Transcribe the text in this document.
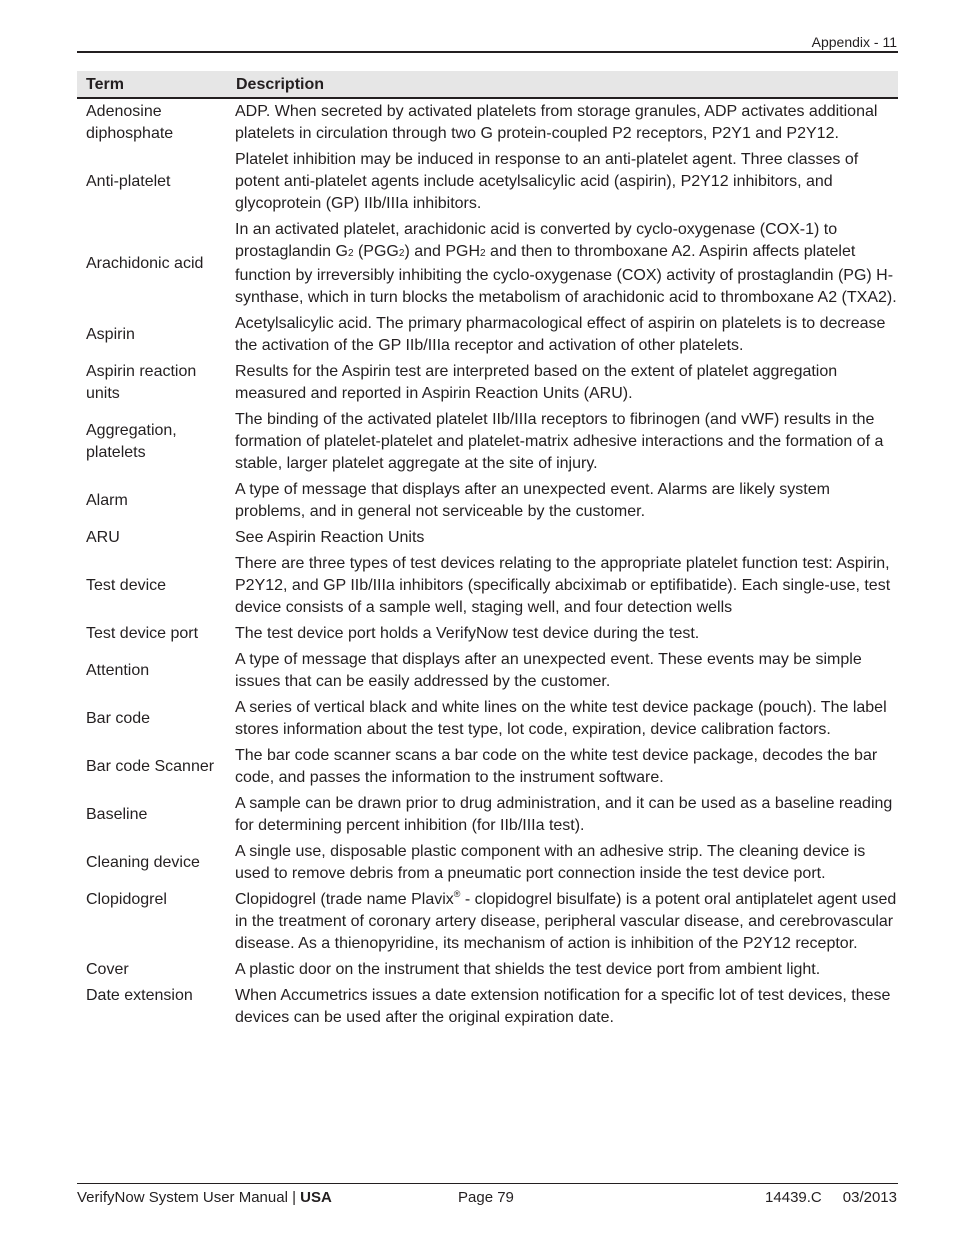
Appendix - 11
Term	Description
Adenosine diphosphate	ADP. When secreted by activated platelets from storage granules, ADP activates additional platelets in circulation through two G protein-coupled P2 receptors, P2Y1 and P2Y12.
Anti-platelet	Platelet inhibition may be induced in response to an anti-platelet agent. Three classes of potent anti-platelet agents include acetylsalicylic acid (aspirin), P2Y12 inhibitors, and glycoprotein (GP) IIb/IIIa inhibitors.
Arachidonic acid	In an activated platelet, arachidonic acid is converted by cyclo-oxygenase (COX-1) to prostaglandin G2 (PGG2) and PGH2 and then to thromboxane A2. Aspirin affects platelet function by irreversibly inhibiting the cyclo-oxygenase (COX) activity of prostaglandin (PG) H-synthase, which in turn blocks the metabolism of arachidonic acid to thromboxane A2 (TXA2).
Aspirin	Acetylsalicylic acid. The primary pharmacological effect of aspirin on platelets is to decrease the activation of the GP IIb/IIIa receptor and activation of other platelets.
Aspirin reaction units	Results for the Aspirin test are interpreted based on the extent of platelet aggregation measured and reported in Aspirin Reaction Units (ARU).
Aggregation, platelets	The binding of the activated platelet IIb/IIIa receptors to fibrinogen (and vWF) results in the formation of platelet-platelet and platelet-matrix adhesive interactions and the formation of a stable, larger platelet aggregate at the site of injury.
Alarm	A type of message that displays after an unexpected event. Alarms are likely system problems, and in general not serviceable by the customer.
ARU	See Aspirin Reaction Units
Test device	There are three types of test devices relating to the appropriate platelet function test: Aspirin, P2Y12, and GP IIb/IIIa inhibitors (specifically abciximab or eptifibatide). Each single-use, test device consists of a sample well, staging well, and four detection wells
Test device port	The test device port holds a VerifyNow test device during the test.
Attention	A type of message that displays after an unexpected event. These events may be simple issues that can be easily addressed by the customer.
Bar code	A series of vertical black and white lines on the white test device package (pouch). The label stores information about the test type, lot code, expiration, device calibration factors.
Bar code Scanner	The bar code scanner scans a bar code on the white test device package, decodes the bar code, and passes the information to the instrument software.
Baseline	A sample can be drawn prior to drug administration, and it can be used as a baseline reading for determining percent inhibition (for IIb/IIIa test).
Cleaning device	A single use, disposable plastic component with an adhesive strip. The cleaning device is used to remove debris from a pneumatic port connection inside the test device port.
Clopidogrel	Clopidogrel (trade name Plavix® - clopidogrel bisulfate) is a potent oral antiplatelet agent used in the treatment of coronary artery disease, peripheral vascular disease, and cerebrovascular disease. As a thienopyridine, its mechanism of action is inhibition of the P2Y12 receptor.
Cover	A plastic door on the instrument that shields the test device port from ambient light.
Date extension	When Accumetrics issues a date extension notification for a specific lot of test devices, these devices can be used after the original expiration date.
VerifyNow System User Manual | USA	Page 79	14439.C 03/2013
